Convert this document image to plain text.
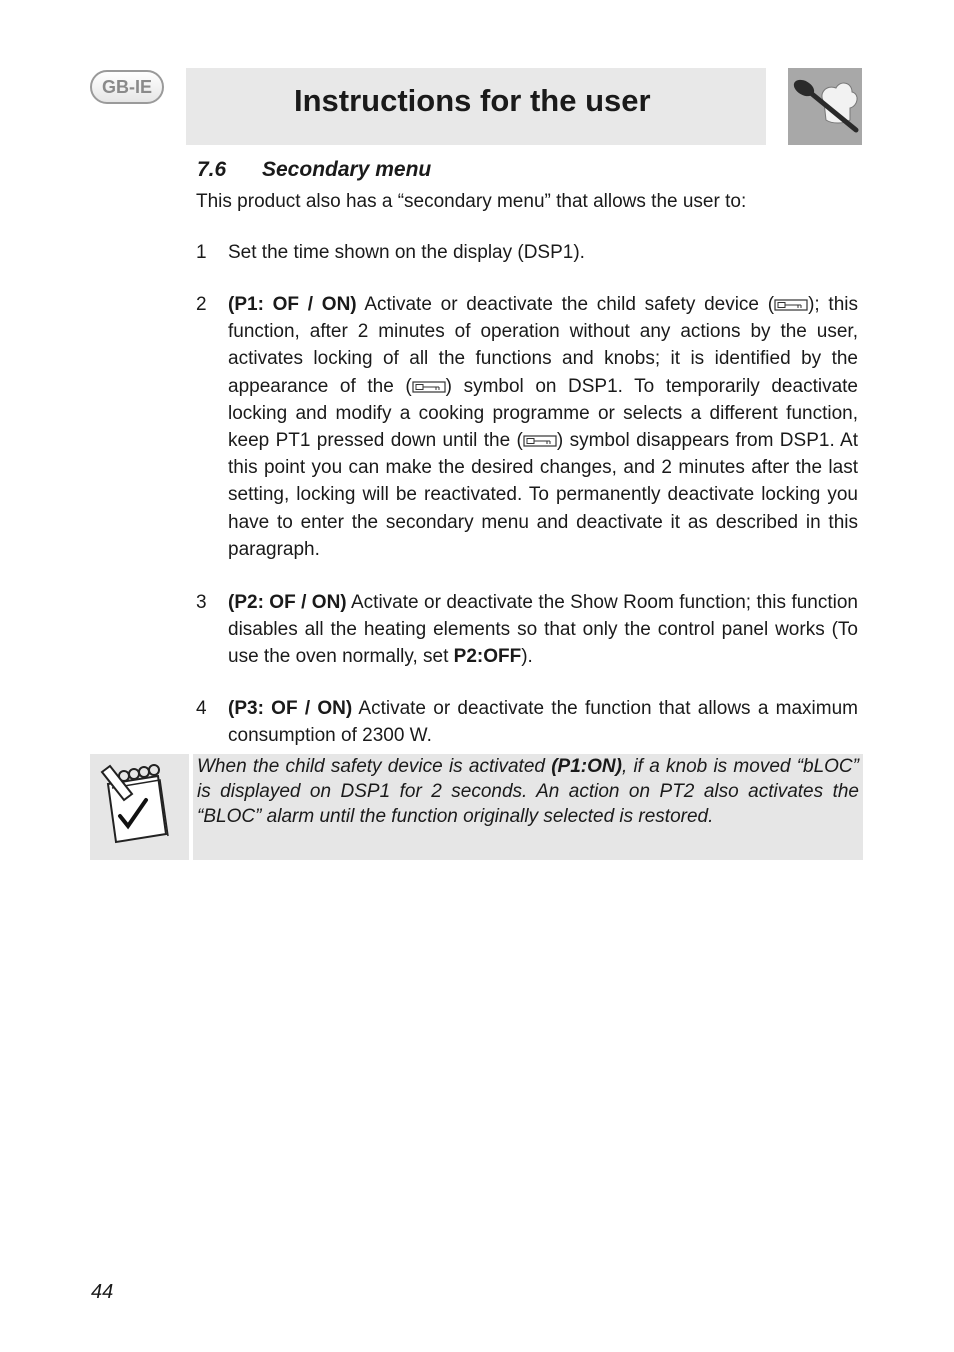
GB-IE	Instructions for the user
7.6 Secondary menu
This product also has a “secondary menu” that allows the user to:
1 Set the time shown on the display (DSP1).
2 (P1: OF / ON) Activate or deactivate the child safety device ( ); this function, after 2 minutes of operation without any actions by the user, activates locking of all the functions and knobs; it is identified by the appearance of the ( ) symbol on DSP1. To temporarily deactivate locking and modify a cooking programme or selects a different function, keep PT1 pressed down until the ( ) symbol disappears from DSP1. At this point you can make the desired changes, and 2 minutes after the last setting, locking will be reactivated. To permanently deactivate locking you have to enter the secondary menu and deactivate it as described in this paragraph.
3 (P2: OF / ON) Activate or deactivate the Show Room function; this function disables all the heating elements so that only the control panel works (To use the oven normally, set P2:OFF).
4 (P3: OF / ON) Activate or deactivate the function that allows a maximum consumption of 2300 W.
When the child safety device is activated (P1:ON), if a knob is moved “bLOC” is displayed on DSP1 for 2 seconds. An action on PT2 also activates the “BLOC” alarm until the function originally selected is restored.
44
